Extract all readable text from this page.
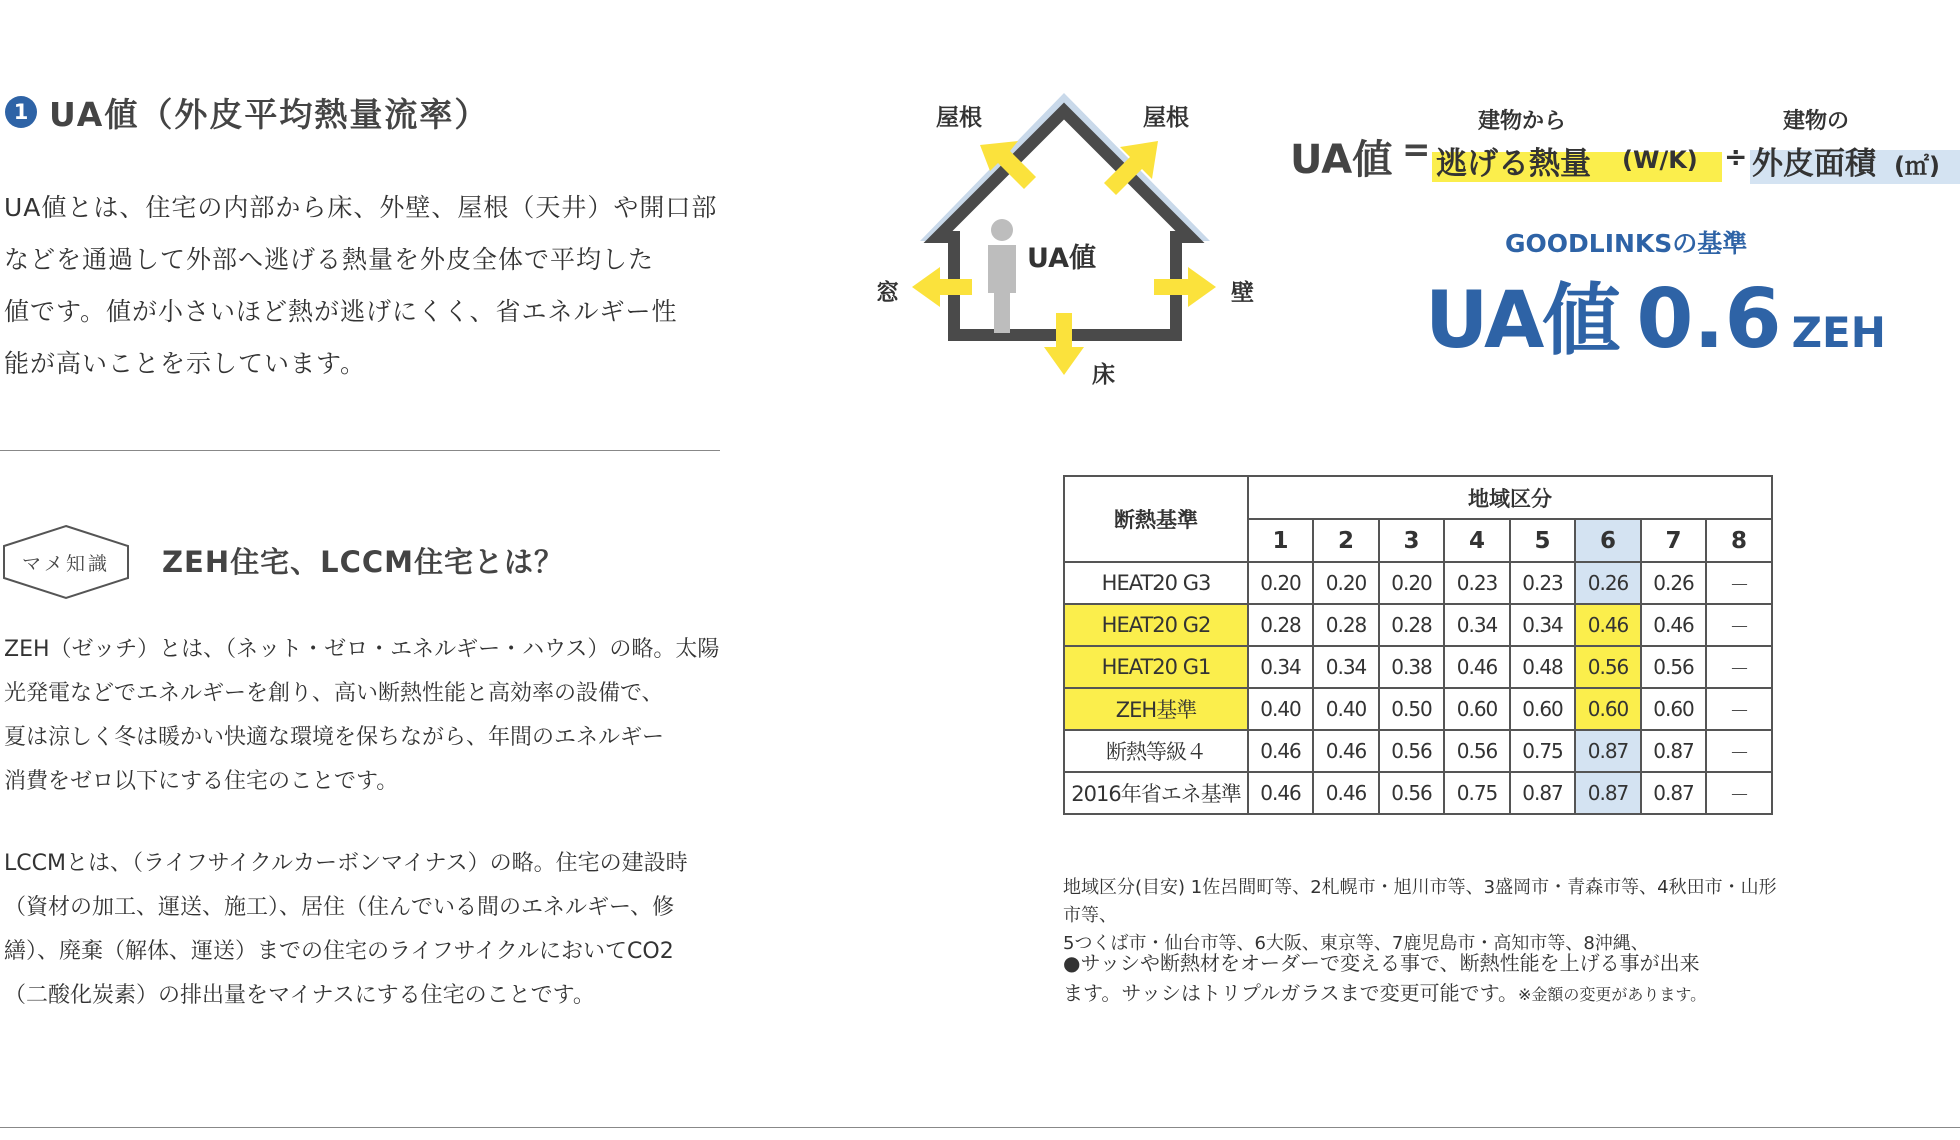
1 UA値（外皮平均熱量流率）
UA値とは、住宅の内部から床、外壁、屋根（天井）や開口部
などを通過して外部へ逃げる熱量を外皮全体で平均した
値です。値が小さいほど熱が逃げにくく、省エネルギー性
能が高いことを示しています。
マメ知識	ZEH住宅、LCCM住宅とは？
ZEH（ゼッチ）とは、（ネット・ゼロ・エネルギー・ハウス）の略。太陽
光発電などでエネルギーを創り、高い断熱性能と高効率の設備で、
夏は涼しく冬は暖かい快適な環境を保ちながら、年間のエネルギー
消費をゼロ以下にする住宅のことです。
LCCMとは、（ライフサイクルカーボンマイナス）の略。住宅の建設時
（資材の加工、運送、施工）、居住（住んでいる間のエネルギー、修
繕）、廃棄（解体、運送）までの住宅のライフサイクルにおいてCO2
（二酸化炭素）の排出量をマイナスにする住宅のことです。
屋根	屋根
窓	壁
床
UA値
UA値 =
建物から
逃げる熱量 (W/K) ÷
建物の
外皮面積 (㎡)
GOODLINKSの基準
UA値 0.6 ZEH
断熱基準	地域区分							
	1	2	3	4	5	6	7	8
HEAT20 G3	0.20	0.20	0.20	0.23	0.23	0.26	0.26	－
HEAT20 G2	0.28	0.28	0.28	0.34	0.34	0.46	0.46	－
HEAT20 G1	0.34	0.34	0.38	0.46	0.48	0.56	0.56	－
ZEH基準	0.40	0.40	0.50	0.60	0.60	0.60	0.60	－
断熱等級４	0.46	0.46	0.56	0.56	0.75	0.87	0.87	－
2016年省エネ基準	0.46	0.46	0.56	0.75	0.87	0.87	0.87	－
地域区分(目安) 1佐呂間町等、2札幌市・旭川市等、3盛岡市・青森市等、4秋田市・山形市等、
5つくば市・仙台市等、6大阪、東京等、7鹿児島市・高知市等、8沖縄、
●サッシや断熱材をオーダーで変える事で、断熱性能を上げる事が出来
ます。サッシはトリプルガラスまで変更可能です。※金額の変更があります。
